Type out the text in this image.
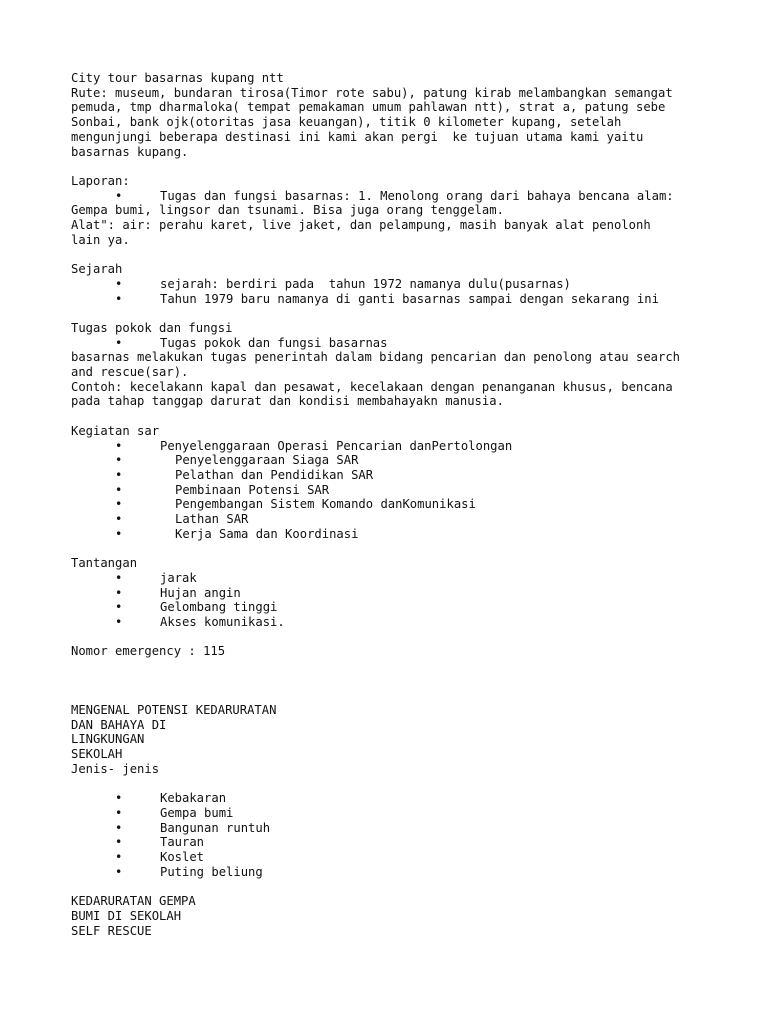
City tour basarnas kupang ntt
Rute: museum, bundaran tirosa(Timor rote sabu), patung kirab melambangkan semangat
pemuda, tmp dharmaloka( tempat pemakaman umum pahlawan ntt), strat a, patung sebe
Sonbai, bank ojk(otoritas jasa keuangan), titik 0 kilometer kupang, setelah
mengunjungi beberapa destinasi ini kami akan pergi  ke tujuan utama kami yaitu
basarnas kupang.
Laporan:
•	Tugas dan fungsi basarnas: 1. Menolong orang dari bahaya bencana alam:
Gempa bumi, lingsor dan tsunami. Bisa juga orang tenggelam.
Alat": air: perahu karet, live jaket, dan pelampung, masih banyak alat penolonh
lain ya.
Sejarah
•	sejarah: berdiri pada  tahun 1972 namanya dulu(pusarnas)
•	Tahun 1979 baru namanya di ganti basarnas sampai dengan sekarang ini
Tugas pokok dan fungsi
•	Tugas pokok dan fungsi basarnas
basarnas melakukan tugas penerintah dalam bidang pencarian dan penolong atau search
and rescue(sar).
Contoh: kecelakann kapal dan pesawat, kecelakaan dengan penanganan khusus, bencana
pada tahap tanggap darurat dan kondisi membahayakn manusia.
Kegiatan sar
•	Penyelenggaraan Operasi Pencarian danPertolongan
•	Penyelenggaraan Siaga SAR
•	Pelathan dan Pendidikan SAR
•	Pembinaan Potensi SAR
•	Pengembangan Sistem Komando danKomunikasi
•	Lathan SAR
•	Kerja Sama dan Koordinasi
Tantangan
•	jarak
•	Hujan angin
•	Gelombang tinggi
•	Akses komunikasi.
Nomor emergency : 115
MENGENAL POTENSI KEDARURATAN
DAN BAHAYA DI
LINGKUNGAN
SEKOLAH
Jenis- jenis
•	Kebakaran
•	Gempa bumi
•	Bangunan runtuh
•	Tauran
•	Koslet
•	Puting beliung
KEDARURATAN GEMPA
BUMI DI SEKOLAH
SELF RESCUE
